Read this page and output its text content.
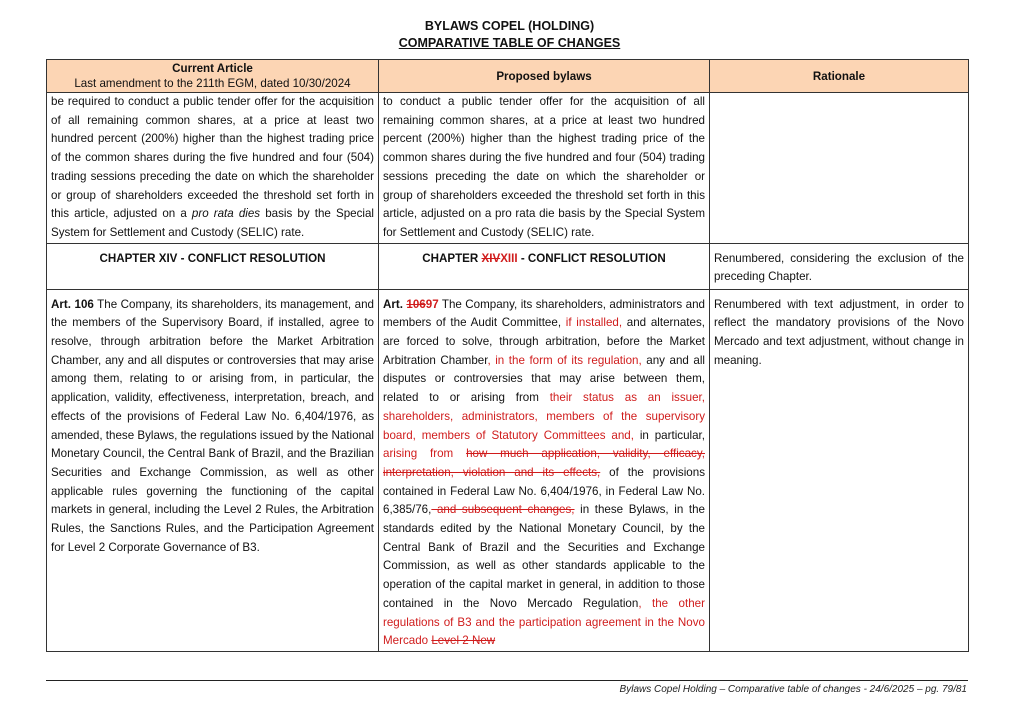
BYLAWS COPEL (HOLDING)
COMPARATIVE TABLE OF CHANGES
Current Article
Last amendment to the 211th EGM, dated 10/30/2024	Proposed bylaws	Rationale
be required to conduct a public tender offer for the acquisition of all remaining common shares, at a price at least two hundred percent (200%) higher than the highest trading price of the common shares during the five hundred and four (504) trading sessions preceding the date on which the shareholder or group of shareholders exceeded the threshold set forth in this article, adjusted on a pro rata dies basis by the Special System for Settlement and Custody (SELIC) rate.	to conduct a public tender offer for the acquisition of all remaining common shares, at a price at least two hundred percent (200%) higher than the highest trading price of the common shares during the five hundred and four (504) trading sessions preceding the date on which the shareholder or group of shareholders exceeded the threshold set forth in this article, adjusted on a pro rata die basis by the Special System for Settlement and Custody (SELIC) rate.	
CHAPTER XIV - CONFLICT RESOLUTION	CHAPTER XIVXIII - CONFLICT RESOLUTION	Renumbered, considering the exclusion of the preceding Chapter.
Art. 106 The Company, its shareholders, its management, and the members of the Supervisory Board, if installed, agree to resolve, through arbitration before the Market Arbitration Chamber, any and all disputes or controversies that may arise among them, relating to or arising from, in particular, the application, validity, effectiveness, interpretation, breach, and effects of the provisions of Federal Law No. 6,404/1976, as amended, these Bylaws, the regulations issued by the National Monetary Council, the Central Bank of Brazil, and the Brazilian Securities and Exchange Commission, as well as other applicable rules governing the functioning of the capital markets in general, including the Level 2 Rules, the Arbitration Rules, the Sanctions Rules, and the Participation Agreement for Level 2 Corporate Governance of B3.	Art. 10697 The Company, its shareholders, administrators and members of the Audit Committee, if installed, and alternates, are forced to solve, through arbitration, before the Market Arbitration Chamber, in the form of its regulation, any and all disputes or controversies that may arise between them, related to or arising from their status as an issuer, shareholders, administrators, members of the supervisory board, members of Statutory Committees and, in particular, arising from how much application, validity, efficacy, interpretation, violation and its effects, of the provisions contained in Federal Law No. 6,404/1976, in Federal Law No. 6,385/76, and subsequent changes, in these Bylaws, in the standards edited by the National Monetary Council, by the Central Bank of Brazil and the Securities and Exchange Commission, as well as other standards applicable to the operation of the capital market in general, in addition to those contained in the Novo Mercado Regulation, the other regulations of B3 and the participation agreement in the Novo Mercado Level 2 New	Renumbered with text adjustment, in order to reflect the mandatory provisions of the Novo Mercado and text adjustment, without change in meaning.
Bylaws Copel Holding – Comparative table of changes - 24/6/2025 – pg. 79/81
